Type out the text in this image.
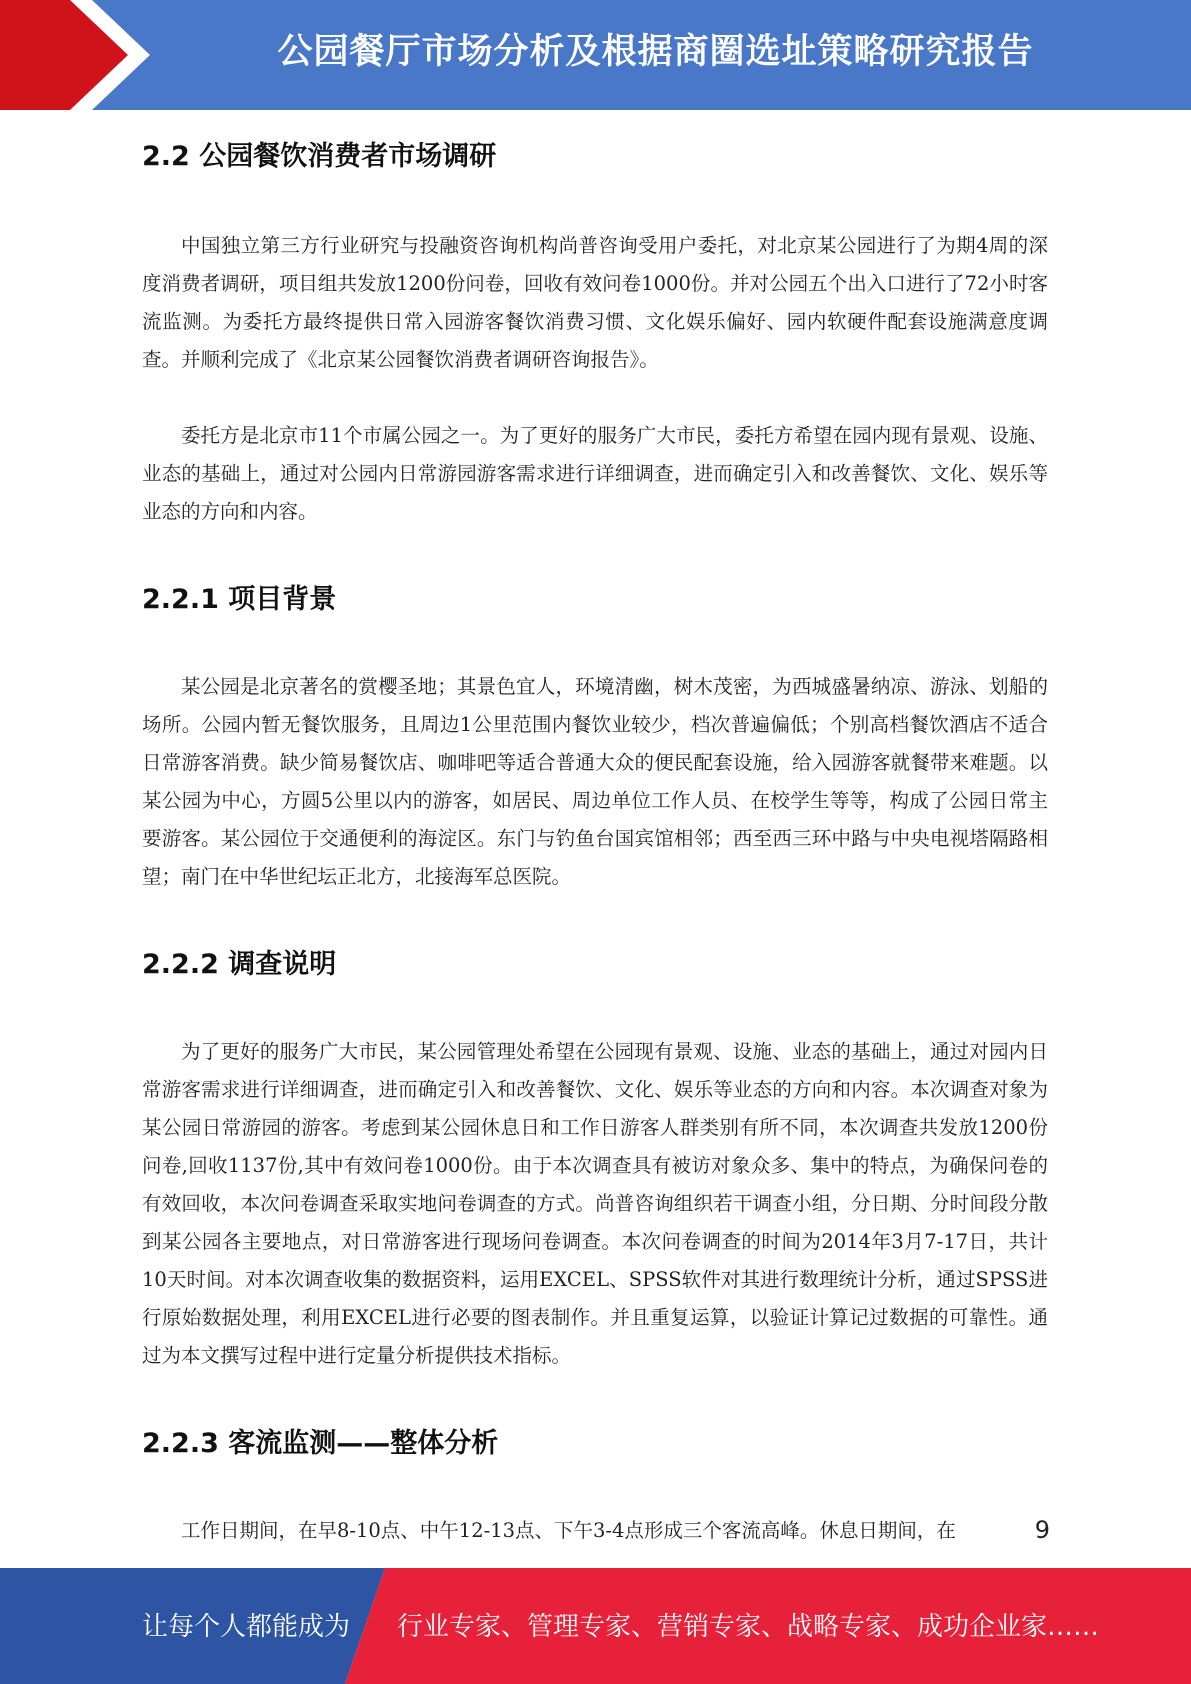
公园餐厅市场分析及根据商圈选址策略研究报告
2.2 公园餐饮消费者市场调研

中国独立第三方行业研究与投融资咨询机构尚普咨询受用户委托，对北京某公园进行了为期4周的深度消费者调研，项目组共发放1200份问卷，回收有效问卷1000份。并对公园五个出入口进行了72小时客流监测。为委托方最终提供日常入园游客餐饮消费习惯、文化娱乐偏好、园内软硬件配套设施满意度调查。并顺利完成了《北京某公园餐饮消费者调研咨询报告》。

委托方是北京市11个市属公园之一。为了更好的服务广大市民，委托方希望在园内现有景观、设施、业态的基础上，通过对公园内日常游园游客需求进行详细调查，进而确定引入和改善餐饮、文化、娱乐等业态的方向和内容。

2.2.1 项目背景

某公园是北京著名的赏樱圣地；其景色宜人，环境清幽，树木茂密，为西城盛暑纳凉、游泳、划船的场所。公园内暂无餐饮服务，且周边1公里范围内餐饮业较少，档次普遍偏低；个别高档餐饮酒店不适合日常游客消费。缺少简易餐饮店、咖啡吧等适合普通大众的便民配套设施，给入园游客就餐带来难题。以某公园为中心，方圆5公里以内的游客，如居民、周边单位工作人员、在校学生等等，构成了公园日常主要游客。某公园位于交通便利的海淀区。东门与钓鱼台国宾馆相邻；西至西三环中路与中央电视塔隔路相望；南门在中华世纪坛正北方，北接海军总医院。

2.2.2 调查说明

为了更好的服务广大市民，某公园管理处希望在公园现有景观、设施、业态的基础上，通过对园内日常游客需求进行详细调查，进而确定引入和改善餐饮、文化、娱乐等业态的方向和内容。本次调查对象为某公园日常游园的游客。考虑到某公园休息日和工作日游客人群类别有所不同，本次调查共发放1200份问卷,回收1137份,其中有效问卷1000份。由于本次调查具有被访对象众多、集中的特点，为确保问卷的有效回收，本次问卷调查采取实地问卷调查的方式。尚普咨询组织若干调查小组，分日期、分时间段分散到某公园各主要地点，对日常游客进行现场问卷调查。本次问卷调查的时间为2014年3月7-17日，共计10天时间。对本次调查收集的数据资料，运用EXCEL、SPSS软件对其进行数理统计分析，通过SPSS进行原始数据处理，利用EXCEL进行必要的图表制作。并且重复运算，以验证计算记过数据的可靠性。通过为本文撰写过程中进行定量分析提供技术指标。

2.2.3 客流监测——整体分析

工作日期间，在早8-10点、中午12-13点、下午3-4点形成三个客流高峰。休息日期间，在	9
让每个人都能成为 行业专家、管理专家、营销专家、战略专家、成功企业家……
